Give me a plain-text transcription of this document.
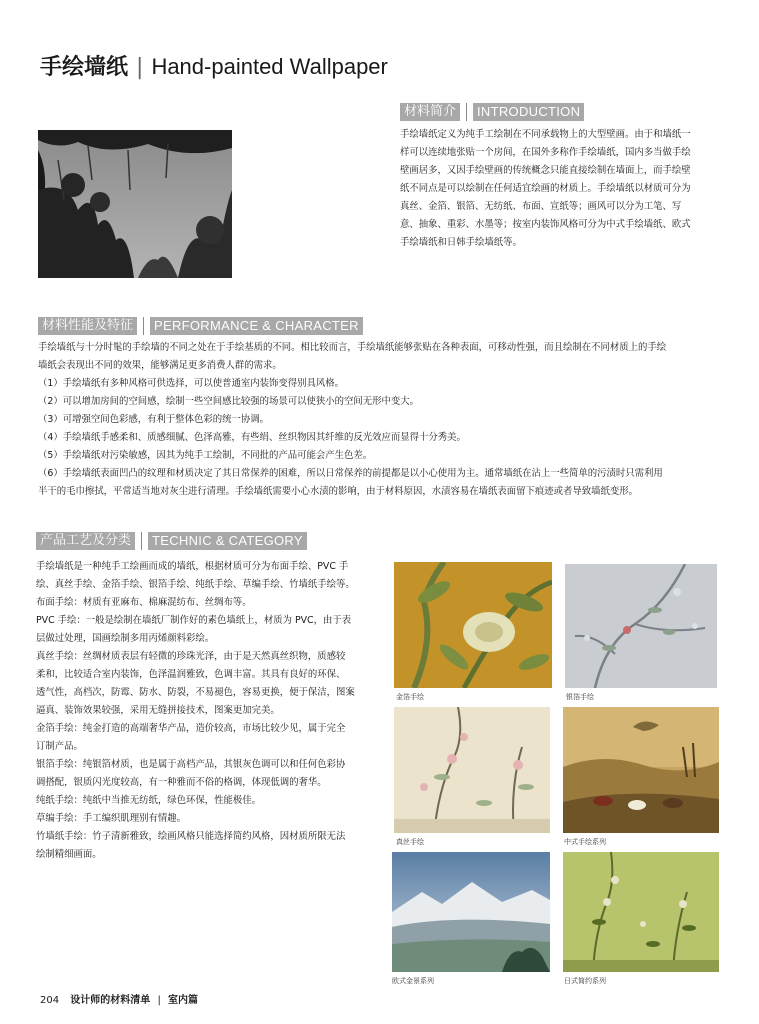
手绘墙纸 | Hand-painted Wallpaper
材料简介	INTRODUCTION
手绘墙纸定义为纯手工绘制在不同承载物上的大型壁画。由于和墙纸一
样可以连续地张贴一个房间，在国外多称作手绘墙纸，国内多当做手绘
壁画居多，又因手绘壁画的传统概念只能直接绘制在墙面上，而手绘壁
纸不同点是可以绘制在任何适宜绘画的材质上。手绘墙纸以材质可分为
真丝、金箔、银箔、无纺纸、布面、宣纸等；画风可以分为工笔、写
意、抽象、重彩、水墨等；按室内装饰风格可分为中式手绘墙纸、欧式
手绘墙纸和日韩手绘墙纸等。
材料性能及特征	PERFORMANCE & CHARACTER
手绘墙纸与十分时髦的手绘墙的不同之处在于手绘基质的不同。相比较而言，手绘墙纸能够张贴在各种表面，可移动性强，而且绘制在不同材质上的手绘
墙纸会表现出不同的效果，能够满足更多消费人群的需求。
（1）手绘墙纸有多种风格可供选择，可以使普通室内装饰变得别具风格。
（2）可以增加房间的空间感，绘制一些空间感比较强的场景可以使狭小的空间无形中变大。
（3）可增强空间色彩感，有利于整体色彩的统一协调。
（4）手绘墙纸手感柔和、质感细腻、色泽高雅，有些绢、丝织物因其纤维的反光效应而显得十分秀美。
（5）手绘墙纸对污染敏感，因其为纯手工绘制，不同批的产品可能会产生色差。
（6）手绘墙纸表面凹凸的纹理和材质决定了其日常保养的困难，所以日常保养的前提都是以小心使用为主。通常墙纸在沾上一些简单的污渍时只需利用
半干的毛巾擦拭，平常适当地对灰尘进行清理。手绘墙纸需要小心水渍的影响，由于材料原因，水渍容易在墙纸表面留下痕迹或者导致墙纸变形。
产品工艺及分类	TECHNIC & CATEGORY
手绘墙纸是一种纯手工绘画而成的墙纸，根据材质可分为布面手绘、PVC 手
绘、真丝手绘、金箔手绘、银箔手绘、纯纸手绘、草编手绘、竹墙纸手绘等。
布面手绘：材质有亚麻布、棉麻混纺布、丝绸布等。
PVC 手绘：一般是绘制在墙纸厂制作好的素色墙纸上，材质为 PVC，由于表
层做过处理，国画绘制多用丙烯颜料彩绘。
真丝手绘：丝绸材质表层有轻微的珍珠光泽，由于是天然真丝织物，质感较
柔和，比较适合室内装饰，色泽温润雅致，色调丰富。其具有良好的环保、
透气性，高档次，防霉、防水、防裂，不易褪色，容易更换，便于保洁，图案
逼真、装饰效果较强，采用无缝拼接技术，图案更加完美。
金箔手绘：纯金打造的高端奢华产品，造价较高，市场比较少见，属于完全
订制产品。
银箔手绘：纯银箔材质，也是属于高档产品，其银灰色调可以和任何色彩协
调搭配，银质闪光度较高，有一种雅而不俗的格调，体现低调的奢华。
纯纸手绘：纯纸中当推无纺纸，绿色环保，性能极佳。
草编手绘：手工编织肌理别有情趣。
竹墙纸手绘：竹子清新雅致，绘画风格只能选择简约风格，因材质所限无法
绘制精细画面。
金箔手绘	银箔手绘
真丝手绘	中式手绘系列
欧式金景系列	日式简约系列
204 设计师的材料清单 | 室内篇
